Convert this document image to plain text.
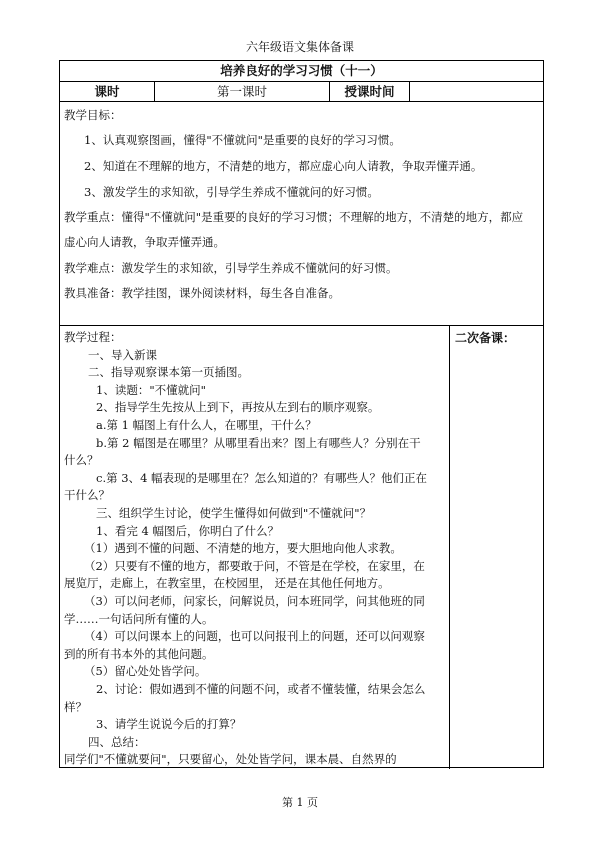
六年级语文集体备课
培养良好的学习习惯（十一）
课时	第一课时	授课时间
教学目标：
1、认真观察图画，懂得"不懂就问"是重要的良好的学习习惯。
2、知道在不理解的地方，不清楚的地方，都应虚心向人请教，争取弄懂弄通。
3、激发学生的求知欲，引导学生养成不懂就问的好习惯。
教学重点：懂得"不懂就问"是重要的良好的学习习惯；不理解的地方，不清楚的地方，都应
虚心向人请教，争取弄懂弄通。
教学难点：激发学生的求知欲，引导学生养成不懂就问的好习惯。
教具准备：教学挂图，课外阅读材料，每生各自准备。
教学过程：
一、导入新课
二、指导观察课本第一页插图。
1、读题："不懂就问"
2、指导学生先按从上到下，再按从左到右的顺序观察。
a.第 1 幅图上有什么人，在哪里，干什么？
b.第 2 幅图是在哪里？从哪里看出来？图上有哪些人？分别在干
什么？
c.第 3、4 幅表现的是哪里在？怎么知道的？有哪些人？他们正在
干什么？
三、组织学生讨论，使学生懂得如何做到"不懂就问"？
1、看完 4 幅图后，你明白了什么？
（1）遇到不懂的问题、不清楚的地方，要大胆地向他人求教。
（2）只要有不懂的地方，都要敢于问，不管是在学校，在家里，在
展览厅，走廊上，在教室里，在校园里， 还是在其他任何地方。
（3）可以问老师，问家长，问解说员，问本班同学，问其他班的同
学……一句话问所有懂的人。
（4）可以问课本上的问题，也可以问报刊上的问题，还可以问观察
到的所有书本外的其他问题。
（5）留心处处皆学问。
2、讨论：假如遇到不懂的问题不问，或者不懂装懂，结果会怎么
样？
3、请学生说说今后的打算？
四、总结：
同学们"不懂就要问"，只要留心，处处皆学问，课本晨、自然界的
二次备课：
第 1 页
